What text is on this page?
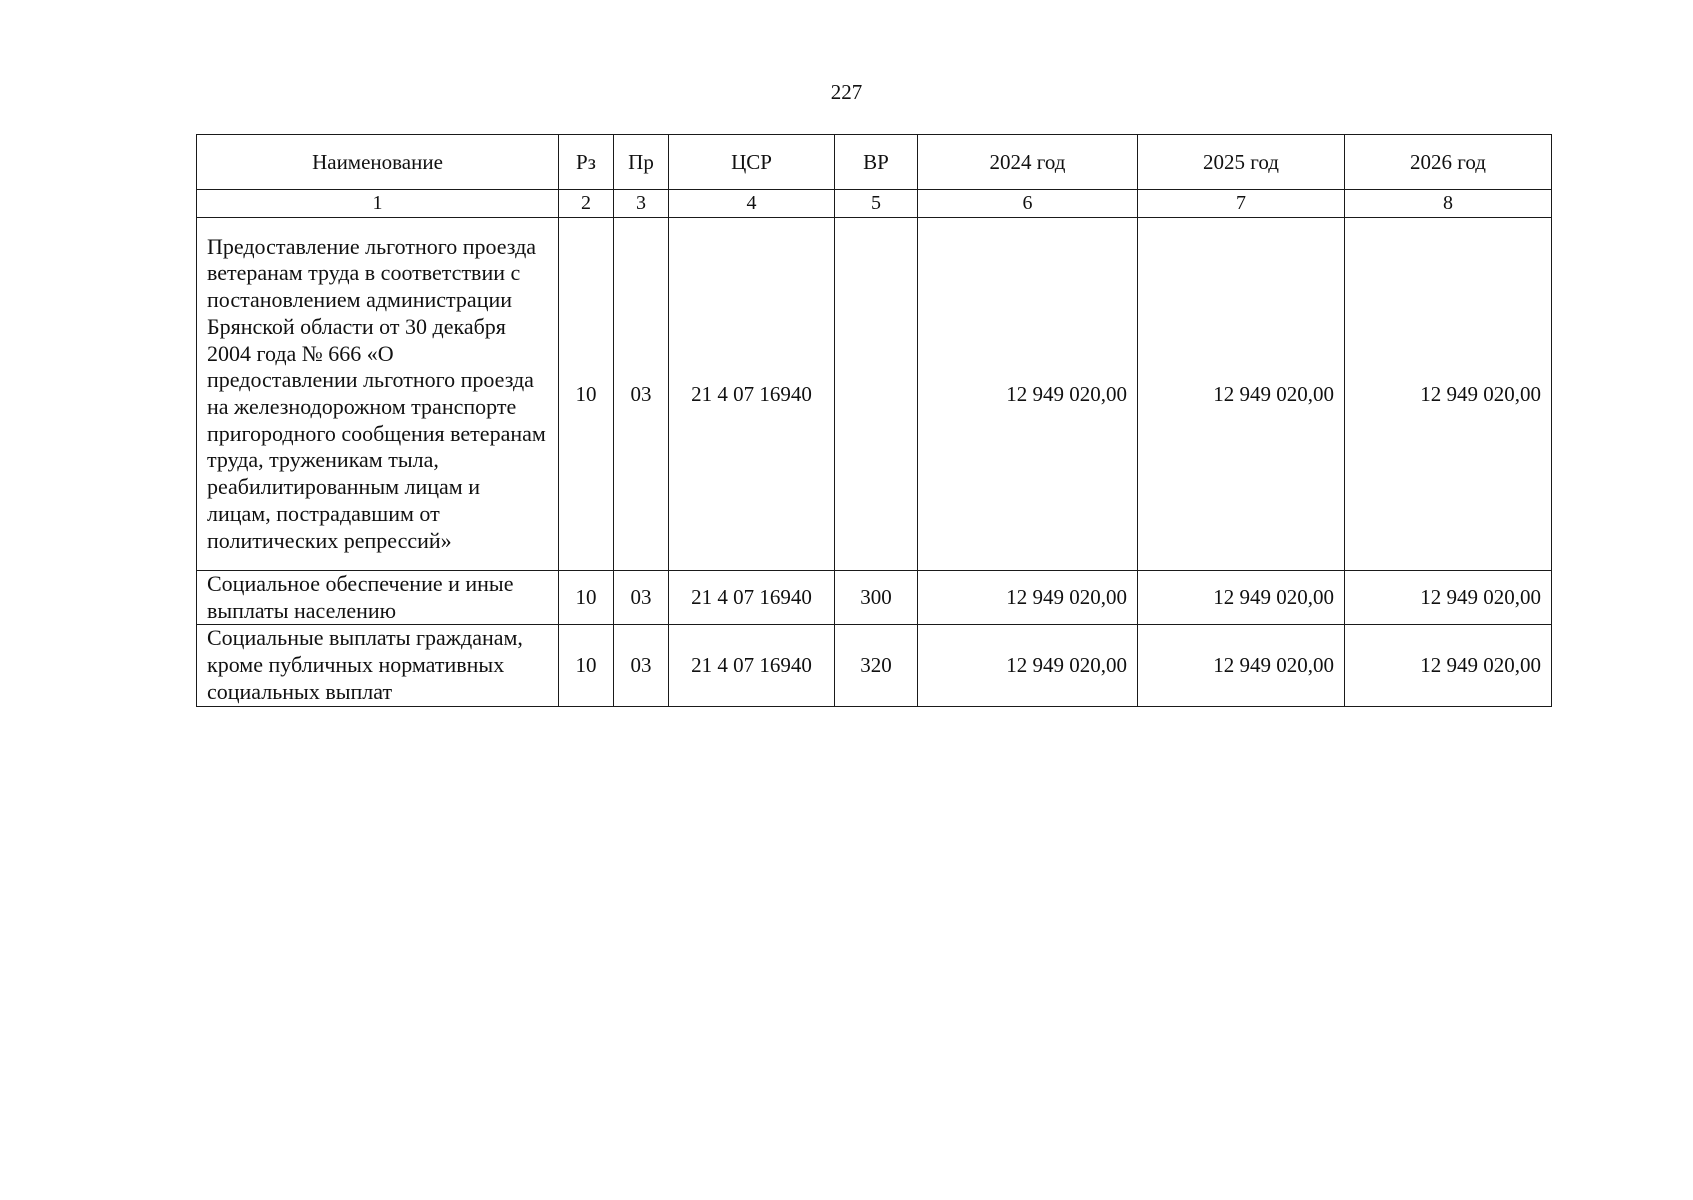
227
Наименование	Рз	Пр	ЦСР	ВР	2024 год	2025 год	2026 год
1	2	3	4	5	6	7	8
Предоставление льготного проезда ветеранам труда в соответствии с постановлением администрации Брянской области от 30 декабря 2004 года № 666 «О предоставлении льготного проезда на железнодорожном транспорте пригородного сообщения ветеранам труда, труженикам тыла, реабилитированным лицам и лицам, пострадавшим от политических репрессий»	10	03	21 4 07 16940		12 949 020,00	12 949 020,00	12 949 020,00
Социальное обеспечение и иные выплаты населению	10	03	21 4 07 16940	300	12 949 020,00	12 949 020,00	12 949 020,00
Социальные выплаты гражданам, кроме публичных нормативных социальных выплат	10	03	21 4 07 16940	320	12 949 020,00	12 949 020,00	12 949 020,00
